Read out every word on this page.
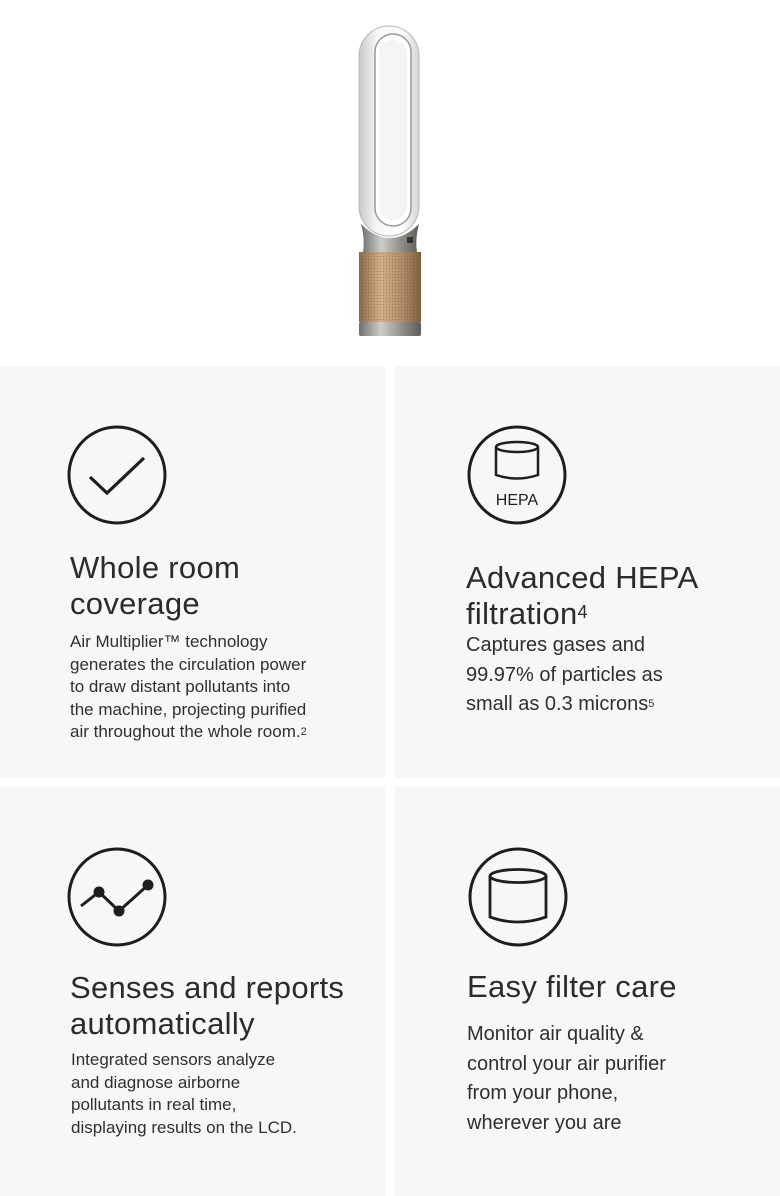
Whole room
coverage
Air Multiplier™ technology
generates the circulation power
to draw distant pollutants into
the machine, projecting purified
air throughout the whole room.$^2$
HEPA
Advanced HEPA
filtration$^4$
Captures gases and
99.97% of particles as
small as 0.3 microns$^5$
Senses and reports
automatically
Integrated sensors analyze
and diagnose airborne
pollutants in real time,
displaying results on the LCD.
Easy filter care
Monitor air quality &
control your air purifier
from your phone,
wherever you are
